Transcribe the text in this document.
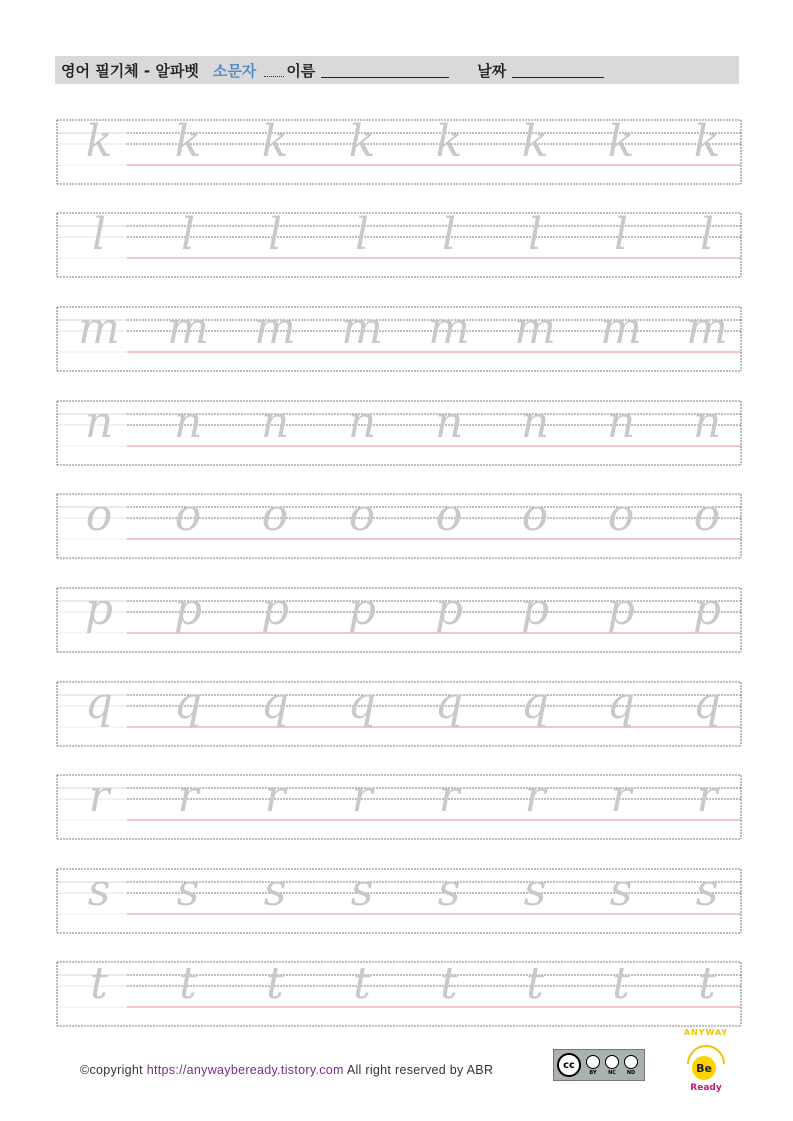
영어 필기체 - 알파벳 소문자 이름	날짜
k	k	k	k	k	k	k	k
l	l	l	l	l	l	l	l
m m m m m m m m
n	n	n	n	n	n	n	n
o	o	o	o	o	o	o	o
p	p	p	p	p	p	p	p
q	q	q	q	q	q	q	q
r	r	r	r	r	r	r	r
s	s	s	s	s	s	s	s
t	t	t	t	t	t	t	t
©copyright https://anywaybeready.tistory.com All right reserved by ABR	cc
BY NC ND
ANYWAY
Be
Ready
